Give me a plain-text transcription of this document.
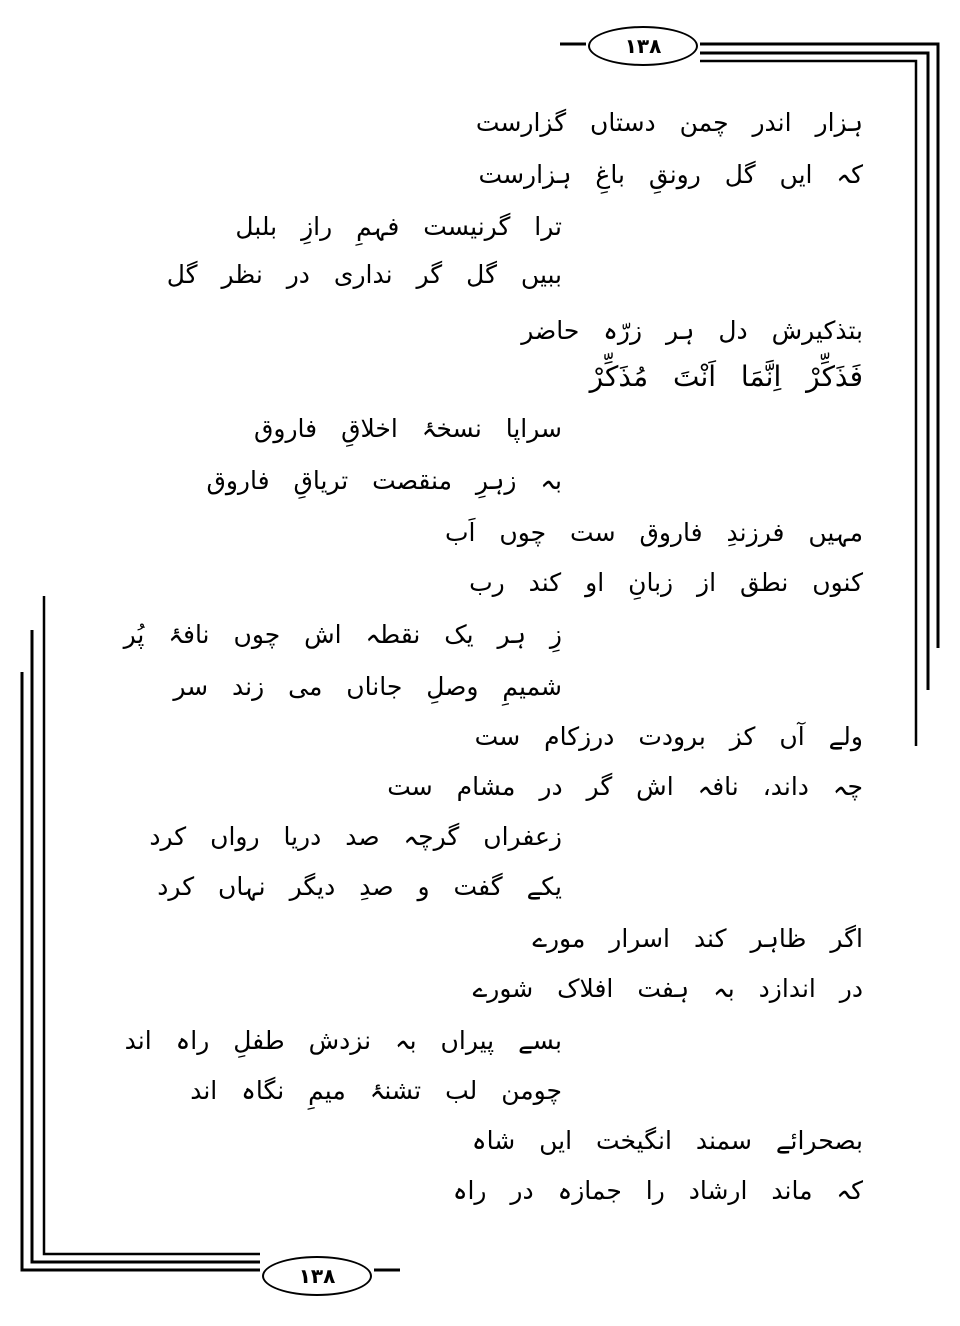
۱۳۸
۱۳۸
ہزار اندر چمن دستاں گزارست
کہ ایں گل رونقِ باغِ ہزارست
ترا گرنیست فہمِ رازِ بلبل
ببیں گل گر نداری در نظر گل
بتذکیرش دل ہر زرّہ حاضر
فَذَکِّرْ اِنَّمَا اَنْتَ مُذَکِّرْ
سراپا نسخۂ اخلاقِ فاروق
بہ زہرِ منقصت تریاقِ فاروق
مہیں فرزندِ فاروق ست چوں اَب
کنوں نطق از زبانِ او کند رب
زِ ہر یک نقطہ اش چوں نافۂ پُر
شمیمِ وصلِ جاناں می زند سر
ولے آں کز برودت درزکام ست
چہ داند، نافہ اش گر در مشام ست
زعفراں گرچہ صد دریا رواں کرد
یکے گفت و صدِ دیگر نہاں کرد
اگر ظاہر کند اسرار مورے
در اندازد بہ ہفت افلاک شورے
بسے پیراں بہ نزدش طفلِ راہ اند
چومن لب تشنۂ میمِ نگاہ اند
بصحرائے سمند انگیخت ایں شاہ
کہ ماند ارشاد را جمازہ در راہ
